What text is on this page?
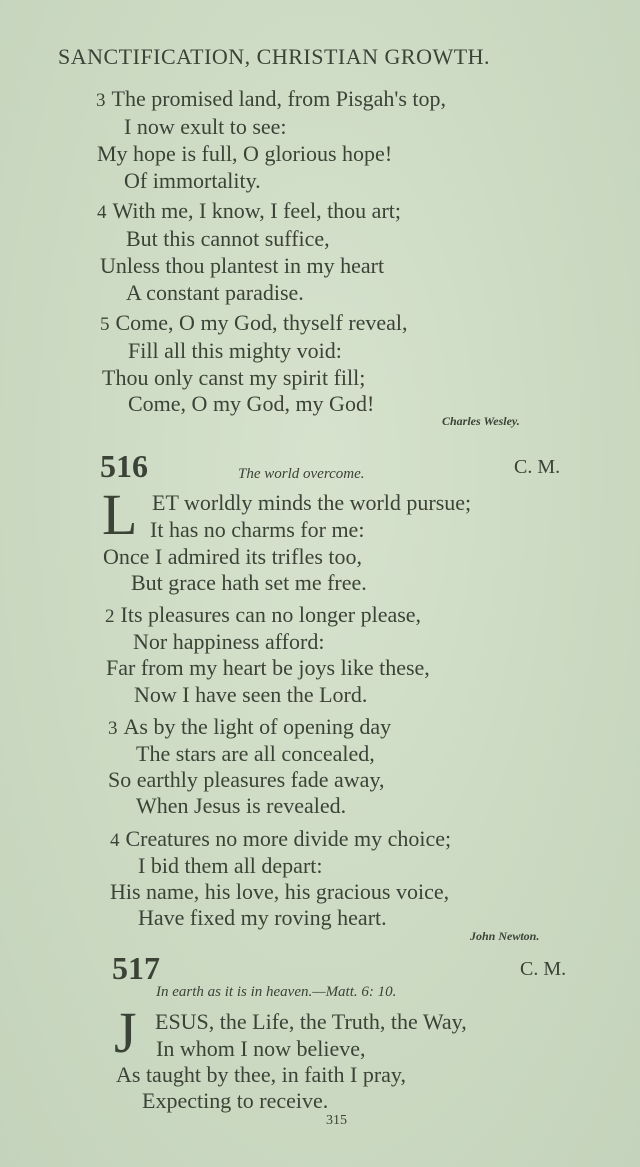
SANCTIFICATION, CHRISTIAN GROWTH.
3 The promised land, from Pisgah's top,
I now exult to see:
My hope is full, O glorious hope!
Of immortality.
4 With me, I know, I feel, thou art;
But this cannot suffice,
Unless thou plantest in my heart
A constant paradise.
5 Come, O my God, thyself reveal,
Fill all this mighty void:
Thou only canst my spirit fill;
Come, O my God, my God!
Charles Wesley.
516	The world overcome.	C. M.
L ET worldly minds the world pursue;
It has no charms for me:
Once I admired its trifles too,
But grace hath set me free.
2 Its pleasures can no longer please,
Nor happiness afford:
Far from my heart be joys like these,
Now I have seen the Lord.
3 As by the light of opening day
The stars are all concealed,
So earthly pleasures fade away,
When Jesus is revealed.
4 Creatures no more divide my choice;
I bid them all depart:
His name, his love, his gracious voice,
Have fixed my roving heart.
John Newton.
517	C. M.
In earth as it is in heaven.—Matt. 6: 10.
J ESUS, the Life, the Truth, the Way,
In whom I now believe,
As taught by thee, in faith I pray,
Expecting to receive.
315
